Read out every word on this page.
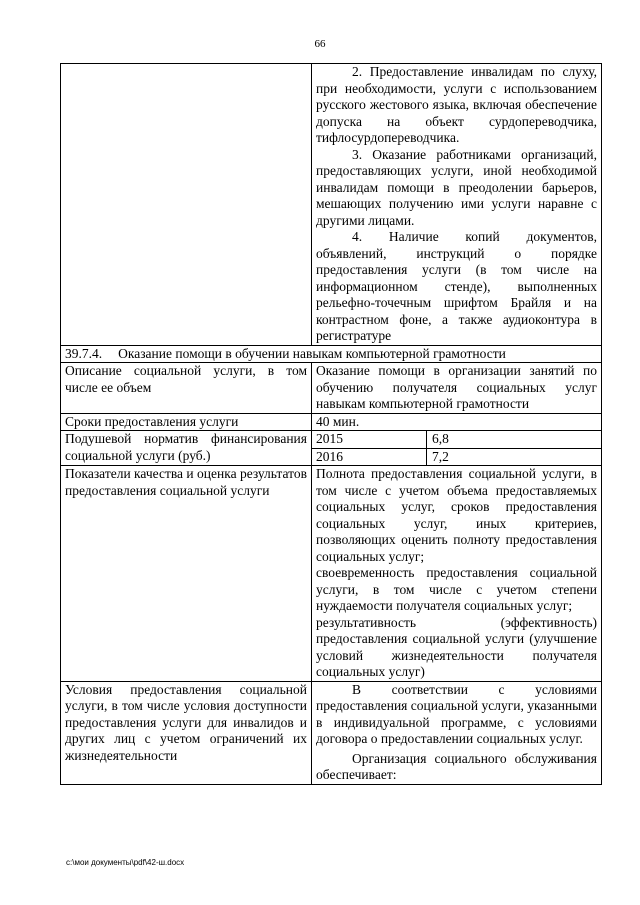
66

	2. Предоставление инвалидам по слуху, при необходимости, услуги с использованием русского жестового языка, включая обеспечение допуска на объект сурдопереводчика, тифлосурдопереводчика.

3. Оказание работниками организаций, предоставляющих услуги, иной необходимой инвалидам помощи в преодолении барьеров, мешающих получению ими услуги наравне с другими лицами.

4. Наличие копий документов, объявлений, инструкций о порядке предоставления услуги (в том числе на информационном стенде), выполненных рельефно-точечным шрифтом Брайля и на контрастном фоне, а также аудиоконтура в регистратуре

39.7.4. Оказание помощи в обучении навыкам компьютерной грамотности	
Описание социальной услуги, в том числе ее объем	Оказание помощи в организации занятий по обучению получателя социальных услуг навыкам компьютерной грамотности
Сроки предоставления услуги	40 мин.
Подушевой норматив финансирования социальной услуги (руб.)	2015 6,8
2016 7,2

Показатели качества и оценка результатов предоставления социальной услуги	Полнота предоставления социальной услуги, в том числе с учетом объема предоставляемых социальных услуг, сроков предоставления социальных услуг, иных критериев, позволяющих оценить полноту предоставления социальных услуг;

своевременность предоставления социальной услуги, в том числе с учетом степени нуждаемости получателя социальных услуг;

результативность (эффективность) предоставления социальной услуги (улучшение условий жизнедеятельности получателя социальных услуг)

Условия предоставления социальной услуги, в том числе условия доступности предоставления услуги для инвалидов и других лиц с учетом ограничений их жизнедеятельности	В соответствии с условиями предоставления социальной услуги, указанными в индивидуальной программе, с условиями договора о предоставлении социальных услуг.

Организация социального обслуживания обеспечивает:

c:\мои документы\pdf\42-ш.docx
